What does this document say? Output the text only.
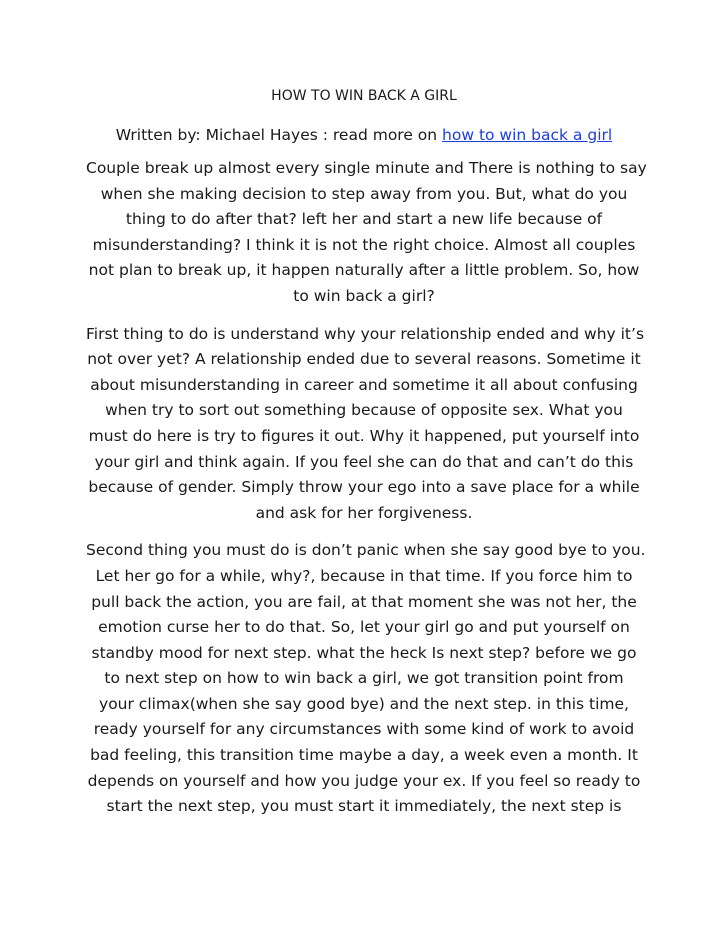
HOW TO WIN BACK A GIRL

Written by: Michael Hayes : read more on how to win back a girl

Couple break up almost every single minute and There is nothing to say
when she making decision to step away from you. But, what do you
thing to do after that? left her and start a new life because of
misunderstanding? I think it is not the right choice. Almost all couples
not plan to break up, it happen naturally after a little problem. So, how
to win back a girl?

First thing to do is understand why your relationship ended and why it’s
not over yet? A relationship ended due to several reasons. Sometime it
about misunderstanding in career and sometime it all about confusing
when try to sort out something because of opposite sex. What you
must do here is try to figures it out. Why it happened, put yourself into
your girl and think again. If you feel she can do that and can’t do this
because of gender. Simply throw your ego into a save place for a while
and ask for her forgiveness.

Second thing you must do is don’t panic when she say good bye to you.
Let her go for a while, why?, because in that time. If you force him to
pull back the action, you are fail, at that moment she was not her, the
emotion curse her to do that. So, let your girl go and put yourself on
standby mood for next step. what the heck Is next step? before we go
to next step on how to win back a girl, we got transition point from
your climax(when she say good bye) and the next step. in this time,
ready yourself for any circumstances with some kind of work to avoid
bad feeling, this transition time maybe a day, a week even a month. It
depends on yourself and how you judge your ex. If you feel so ready to
start the next step, you must start it immediately, the next step is
